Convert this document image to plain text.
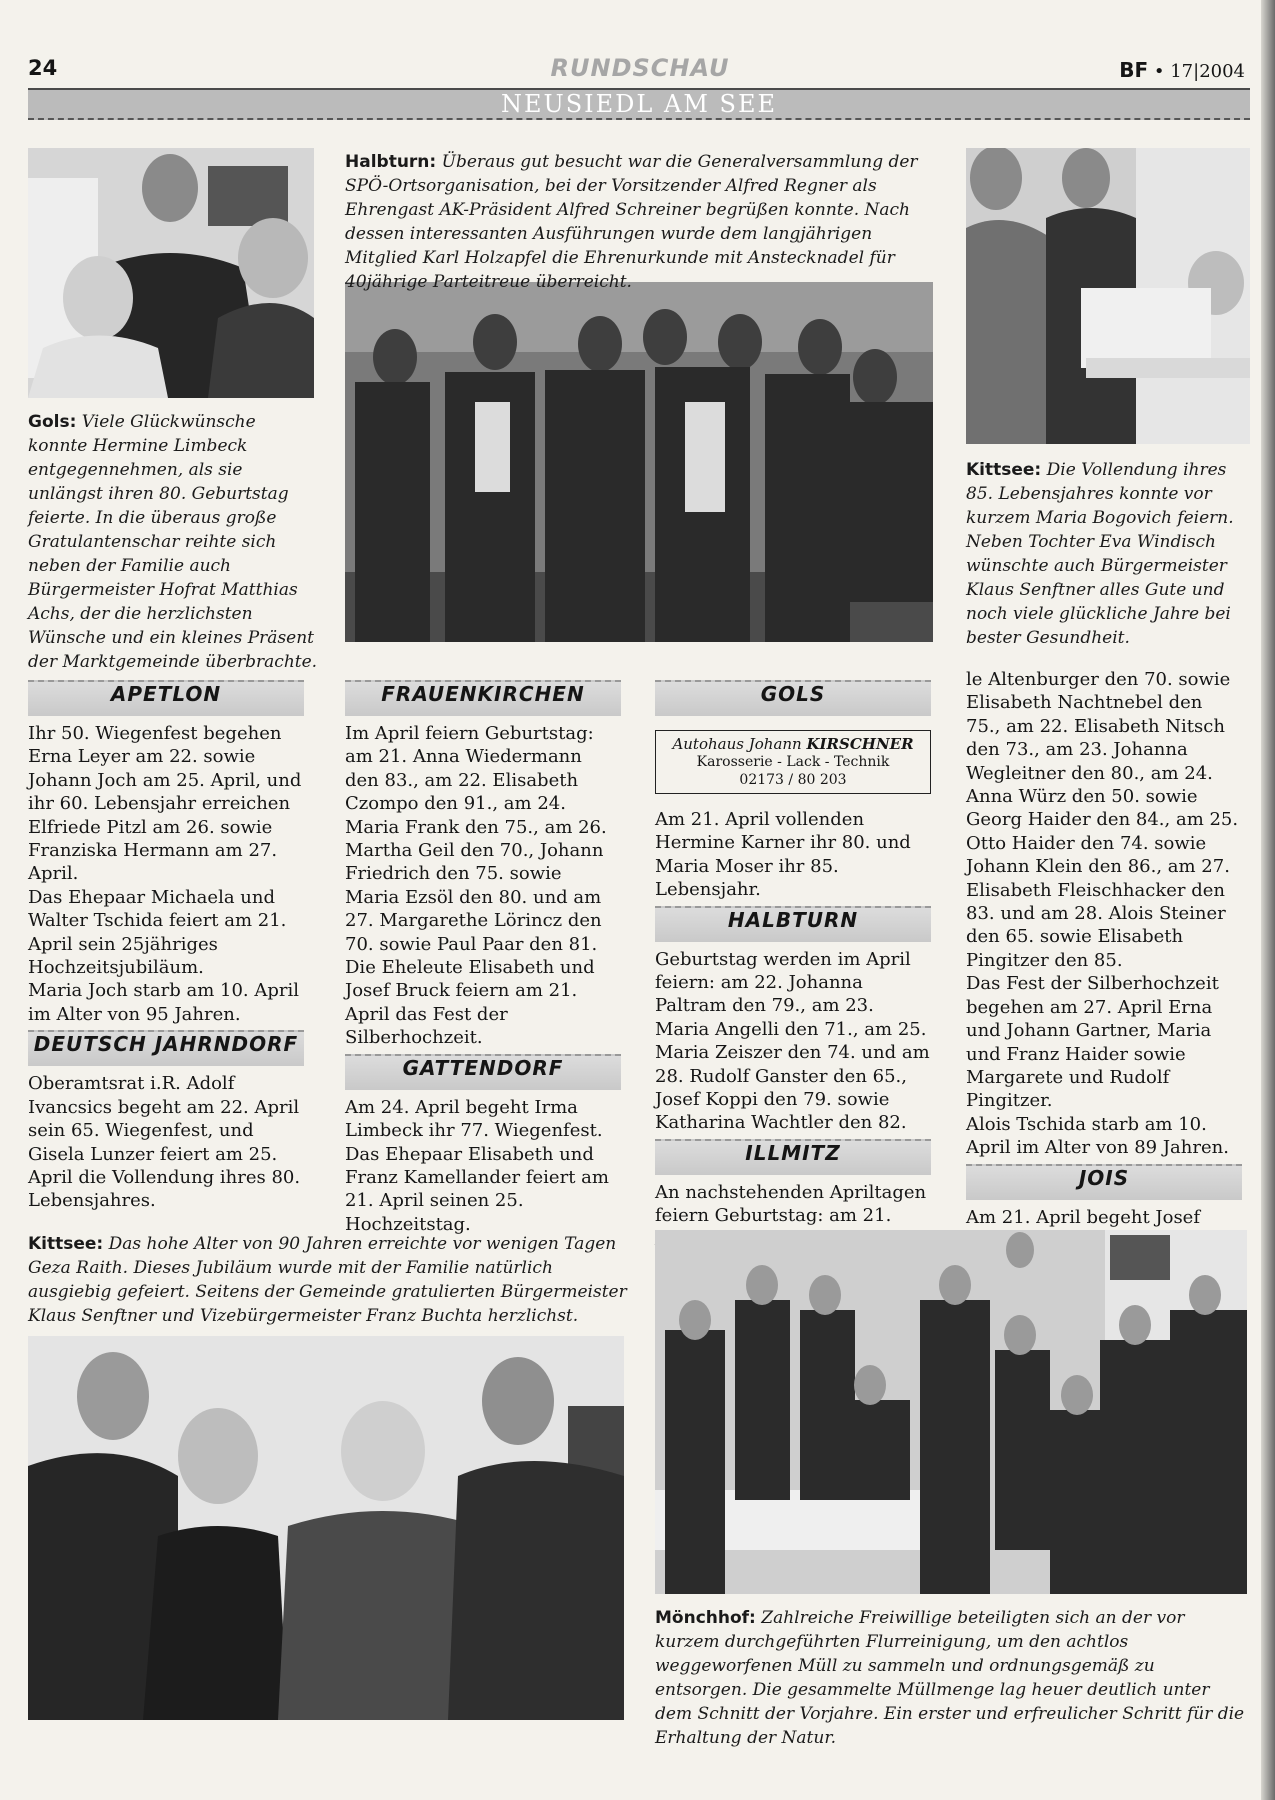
24	RUNDSCHAU	BF • 17|2004
NEUSIEDL AM SEE
Gols: Viele Glückwünsche konnte Hermine Limbeck entgegennehmen, als sie unlängst ihren 80. Geburtstag feierte. In die überaus große Gratulantenschar reihte sich neben der Familie auch Bürgermeister Hofrat Matthias Achs, der die herzlichsten Wünsche und ein kleines Präsent der Marktgemeinde überbrachte.
Halbturn: Überaus gut besucht war die Generalversammlung der SPÖ-Ortsorganisation, bei der Vorsitzender Alfred Regner als Ehrengast AK-Präsident Alfred Schreiner begrüßen konnte. Nach dessen interessanten Ausführungen wurde dem langjährigen Mitglied Karl Holzapfel die Ehrenurkunde mit Anstecknadel für 40jährige Parteitreue überreicht.
Kittsee: Die Vollendung ihres 85. Lebensjahres konnte vor kurzem Maria Bogovich feiern. Neben Tochter Eva Windisch wünschte auch Bürgermeister Klaus Senftner alles Gute und noch viele glückliche Jahre bei bester Gesundheit.
APETLON

Ihr 50. Wiegenfest begehen Erna Leyer am 22. sowie Johann Joch am 25. April, und ihr 60. Lebensjahr erreichen Elfriede Pitzl am 26. sowie Franziska Hermann am 27. April.

Das Ehepaar Michaela und Walter Tschida feiert am 21. April sein 25jähriges Hochzeitsjubiläum.

Maria Joch starb am 10. April im Alter von 95 Jahren.

DEUTSCH JAHRNDORF

Oberamtsrat i.R. Adolf Ivancsics begeht am 22. April sein 65. Wiegenfest, und Gisela Lunzer feiert am 25. April die Vollendung ihres 80. Lebensjahres.

FRAUENKIRCHEN

Im April feiern Geburtstag: am 21. Anna Wiedermann den 83., am 22. Elisabeth Czompo den 91., am 24. Maria Frank den 75., am 26. Martha Geil den 70., Johann Friedrich den 75. sowie Maria Ezsöl den 80. und am 27. Margarethe Lörincz den 70. sowie Paul Paar den 81.

Die Eheleute Elisabeth und Josef Bruck feiern am 21. April das Fest der Silberhochzeit.

GATTENDORF

Am 24. April begeht Irma Limbeck ihr 77. Wiegenfest.

Das Ehepaar Elisabeth und Franz Kamellander feiert am 21. April seinen 25. Hochzeitstag.

GOLS
Autohaus Johann KIRSCHNER
Karosserie - Lack - Technik
02173 / 80 203

Am 21. April vollenden Hermine Karner ihr 80. und Maria Moser ihr 85. Lebensjahr.

HALBTURN

Geburtstag werden im April feiern: am 22. Johanna Paltram den 79., am 23. Maria Angelli den 71., am 25. Maria Zeiszer den 74. und am 28. Rudolf Ganster den 65., Josef Koppi den 79. sowie Katharina Wachtler den 82.

ILLMITZ

An nachstehenden Apriltagen feiern Geburtstag: am 21.

le Altenburger den 70. sowie Elisabeth Nachtnebel den 75., am 22. Elisabeth Nitsch den 73., am 23. Johanna Wegleitner den 80., am 24. Anna Würz den 50. sowie Georg Haider den 84., am 25. Otto Haider den 74. sowie Johann Klein den 86., am 27. Elisabeth Fleischhacker den 83. und am 28. Alois Steiner den 65. sowie Elisabeth Pingitzer den 85.

Das Fest der Silberhochzeit begehen am 27. April Erna und Johann Gartner, Maria und Franz Haider sowie Margarete und Rudolf Pingitzer.

Alois Tschida starb am 10. April im Alter von 89 Jahren.

JOIS

Am 21. April begeht Josef

Kittsee: Das hohe Alter von 90 Jahren erreichte vor wenigen Tagen Geza Raith. Dieses Jubiläum wurde mit der Familie natürlich ausgiebig gefeiert. Seitens der Gemeinde gratulierten Bürgermeister Klaus Senftner und Vizebürgermeister Franz Buchta herzlichst.
Mönchhof: Zahlreiche Freiwillige beteiligten sich an der vor kurzem durchgeführten Flurreinigung, um den achtlos weggeworfenen Müll zu sammeln und ordnungsgemäß zu entsorgen. Die gesammelte Müllmenge lag heuer deutlich unter dem Schnitt der Vorjahre. Ein erster und erfreulicher Schritt für die Erhaltung der Natur.
